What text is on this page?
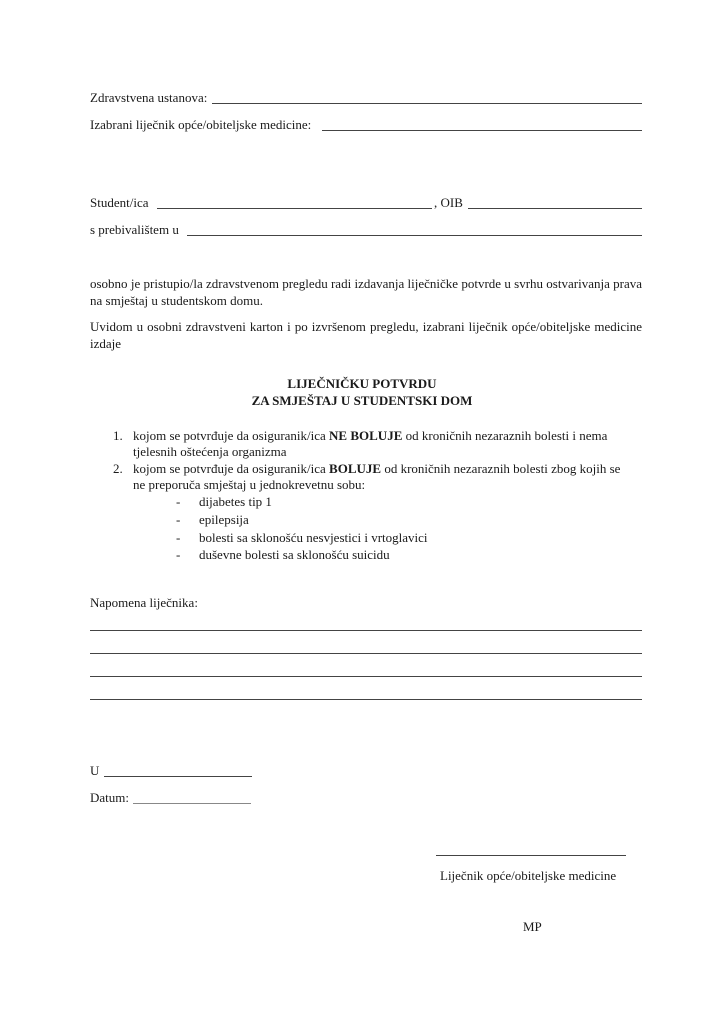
Zdravstvena ustanova:
Izabrani liječnik opće/obiteljske medicine:
Student/ica	, OIB
s prebivalištem u
osobno je pristupio/la zdravstvenom pregledu radi izdavanja liječničke potvrde u svrhu ostvarivanja prava na smještaj u studentskom domu.
Uvidom u osobni zdravstveni karton i po izvršenom pregledu, izabrani liječnik opće/obiteljske medicine izdaje
LIJEČNIČKU POTVRDU
ZA SMJEŠTAJ U STUDENTSKI DOM
1. kojom se potvrđuje da osiguranik/ica NE BOLUJE od kroničnih nezaraznih bolesti i nema
tjelesnih oštećenja organizma
2. kojom se potvrđuje da osiguranik/ica BOLUJE od kroničnih nezaraznih bolesti zbog kojih se
ne preporuča smještaj u jednokrevetnu sobu:
- dijabetes tip 1
- epilepsija
- bolesti sa sklonošću nesvjestici i vrtoglavici
- duševne bolesti sa sklonošću suicidu
Napomena liječnika:
U
Datum:
Liječnik opće/obiteljske medicine
MP
